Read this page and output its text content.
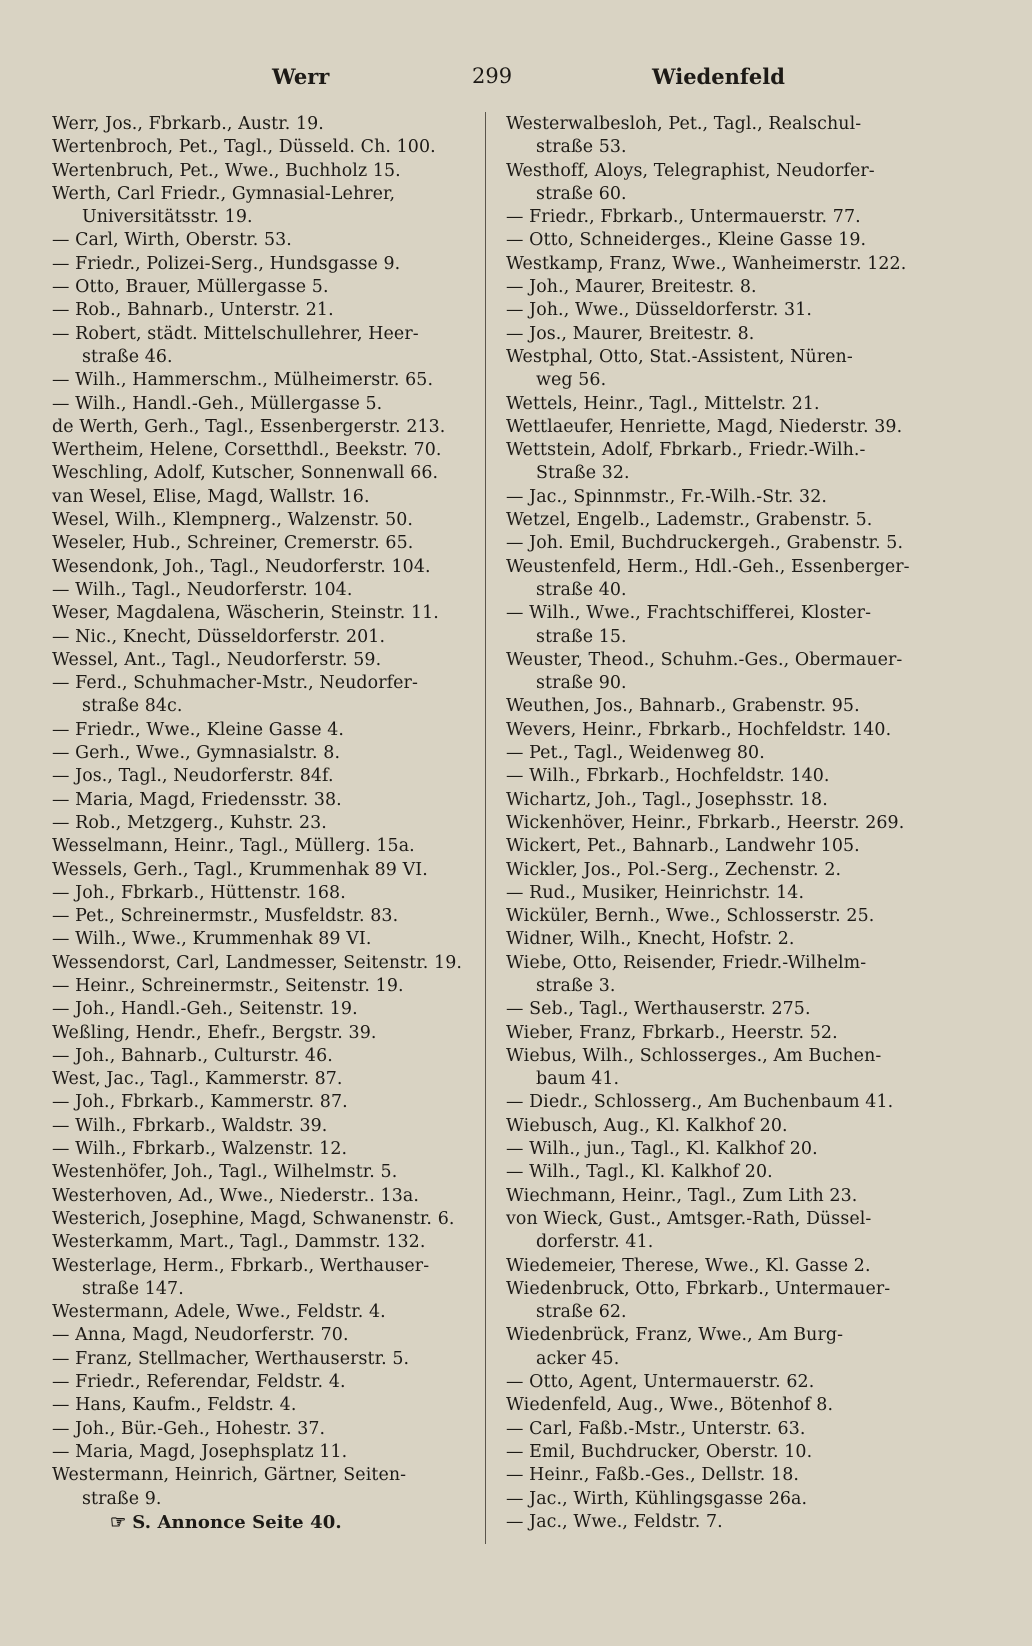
Werr	299	Wiedenfeld
Werr, Jos., Fbrkarb., Austr. 19.
Wertenbroch, Pet., Tagl., Düsseld. Ch. 100.
Wertenbruch, Pet., Wwe., Buchholz 15.
Werth, Carl Friedr., Gymnasial-Lehrer,
Universitätsstr. 19.
— Carl, Wirth, Oberstr. 53.
— Friedr., Polizei-Serg., Hundsgasse 9.
— Otto, Brauer, Müllergasse 5.
— Rob., Bahnarb., Unterstr. 21.
— Robert, städt. Mittelschullehrer, Heer-
straße 46.
— Wilh., Hammerschm., Mülheimerstr. 65.
— Wilh., Handl.-Geh., Müllergasse 5.
de Werth, Gerh., Tagl., Essenbergerstr. 213.
Wertheim, Helene, Corsetthdl., Beekstr. 70.
Weschling, Adolf, Kutscher, Sonnenwall 66.
van Wesel, Elise, Magd, Wallstr. 16.
Wesel, Wilh., Klempnerg., Walzenstr. 50.
Weseler, Hub., Schreiner, Cremerstr. 65.
Wesendonk, Joh., Tagl., Neudorferstr. 104.
— Wilh., Tagl., Neudorferstr. 104.
Weser, Magdalena, Wäscherin, Steinstr. 11.
— Nic., Knecht, Düsseldorferstr. 201.
Wessel, Ant., Tagl., Neudorferstr. 59.
— Ferd., Schuhmacher-Mstr., Neudorfer-
straße 84c.
— Friedr., Wwe., Kleine Gasse 4.
— Gerh., Wwe., Gymnasialstr. 8.
— Jos., Tagl., Neudorferstr. 84f.
— Maria, Magd, Friedensstr. 38.
— Rob., Metzgerg., Kuhstr. 23.
Wesselmann, Heinr., Tagl., Müllerg. 15a.
Wessels, Gerh., Tagl., Krummenhak 89 VI.
— Joh., Fbrkarb., Hüttenstr. 168.
— Pet., Schreinermstr., Musfeldstr. 83.
— Wilh., Wwe., Krummenhak 89 VI.
Wessendorst, Carl, Landmesser, Seitenstr. 19.
— Heinr., Schreinermstr., Seitenstr. 19.
— Joh., Handl.-Geh., Seitenstr. 19.
Weßling, Hendr., Ehefr., Bergstr. 39.
— Joh., Bahnarb., Culturstr. 46.
West, Jac., Tagl., Kammerstr. 87.
— Joh., Fbrkarb., Kammerstr. 87.
— Wilh., Fbrkarb., Waldstr. 39.
— Wilh., Fbrkarb., Walzenstr. 12.
Westenhöfer, Joh., Tagl., Wilhelmstr. 5.
Westerhoven, Ad., Wwe., Niederstr.. 13a.
Westerich, Josephine, Magd, Schwanenstr. 6.
Westerkamm, Mart., Tagl., Dammstr. 132.
Westerlage, Herm., Fbrkarb., Werthauser-
straße 147.
Westermann, Adele, Wwe., Feldstr. 4.
— Anna, Magd, Neudorferstr. 70.
— Franz, Stellmacher, Werthauserstr. 5.
— Friedr., Referendar, Feldstr. 4.
— Hans, Kaufm., Feldstr. 4.
— Joh., Bür.-Geh., Hohestr. 37.
— Maria, Magd, Josephsplatz 11.
Westermann, Heinrich, Gärtner, Seiten-
straße 9.
☞ S. Annonce Seite 40.
Westerwalbesloh, Pet., Tagl., Realschul-
straße 53.
Westhoff, Aloys, Telegraphist, Neudorfer-
straße 60.
— Friedr., Fbrkarb., Untermauerstr. 77.
— Otto, Schneiderges., Kleine Gasse 19.
Westkamp, Franz, Wwe., Wanheimerstr. 122.
— Joh., Maurer, Breitestr. 8.
— Joh., Wwe., Düsseldorferstr. 31.
— Jos., Maurer, Breitestr. 8.
Westphal, Otto, Stat.-Assistent, Nüren-
weg 56.
Wettels, Heinr., Tagl., Mittelstr. 21.
Wettlaeufer, Henriette, Magd, Niederstr. 39.
Wettstein, Adolf, Fbrkarb., Friedr.-Wilh.-
Straße 32.
— Jac., Spinnmstr., Fr.-Wilh.-Str. 32.
Wetzel, Engelb., Lademstr., Grabenstr. 5.
— Joh. Emil, Buchdruckergeh., Grabenstr. 5.
Weustenfeld, Herm., Hdl.-Geh., Essenberger-
straße 40.
— Wilh., Wwe., Frachtschifferei, Kloster-
straße 15.
Weuster, Theod., Schuhm.-Ges., Obermauer-
straße 90.
Weuthen, Jos., Bahnarb., Grabenstr. 95.
Wevers, Heinr., Fbrkarb., Hochfeldstr. 140.
— Pet., Tagl., Weidenweg 80.
— Wilh., Fbrkarb., Hochfeldstr. 140.
Wichartz, Joh., Tagl., Josephsstr. 18.
Wickenhöver, Heinr., Fbrkarb., Heerstr. 269.
Wickert, Pet., Bahnarb., Landwehr 105.
Wickler, Jos., Pol.-Serg., Zechenstr. 2.
— Rud., Musiker, Heinrichstr. 14.
Wicküler, Bernh., Wwe., Schlosserstr. 25.
Widner, Wilh., Knecht, Hofstr. 2.
Wiebe, Otto, Reisender, Friedr.-Wilhelm-
straße 3.
— Seb., Tagl., Werthauserstr. 275.
Wieber, Franz, Fbrkarb., Heerstr. 52.
Wiebus, Wilh., Schlosserges., Am Buchen-
baum 41.
— Diedr., Schlosserg., Am Buchenbaum 41.
Wiebusch, Aug., Kl. Kalkhof 20.
— Wilh., jun., Tagl., Kl. Kalkhof 20.
— Wilh., Tagl., Kl. Kalkhof 20.
Wiechmann, Heinr., Tagl., Zum Lith 23.
von Wieck, Gust., Amtsger.-Rath, Düssel-
dorferstr. 41.
Wiedemeier, Therese, Wwe., Kl. Gasse 2.
Wiedenbruck, Otto, Fbrkarb., Untermauer-
straße 62.
Wiedenbrück, Franz, Wwe., Am Burg-
acker 45.
— Otto, Agent, Untermauerstr. 62.
Wiedenfeld, Aug., Wwe., Bötenhof 8.
— Carl, Faßb.-Mstr., Unterstr. 63.
— Emil, Buchdrucker, Oberstr. 10.
— Heinr., Faßb.-Ges., Dellstr. 18.
— Jac., Wirth, Kühlingsgasse 26a.
— Jac., Wwe., Feldstr. 7.
